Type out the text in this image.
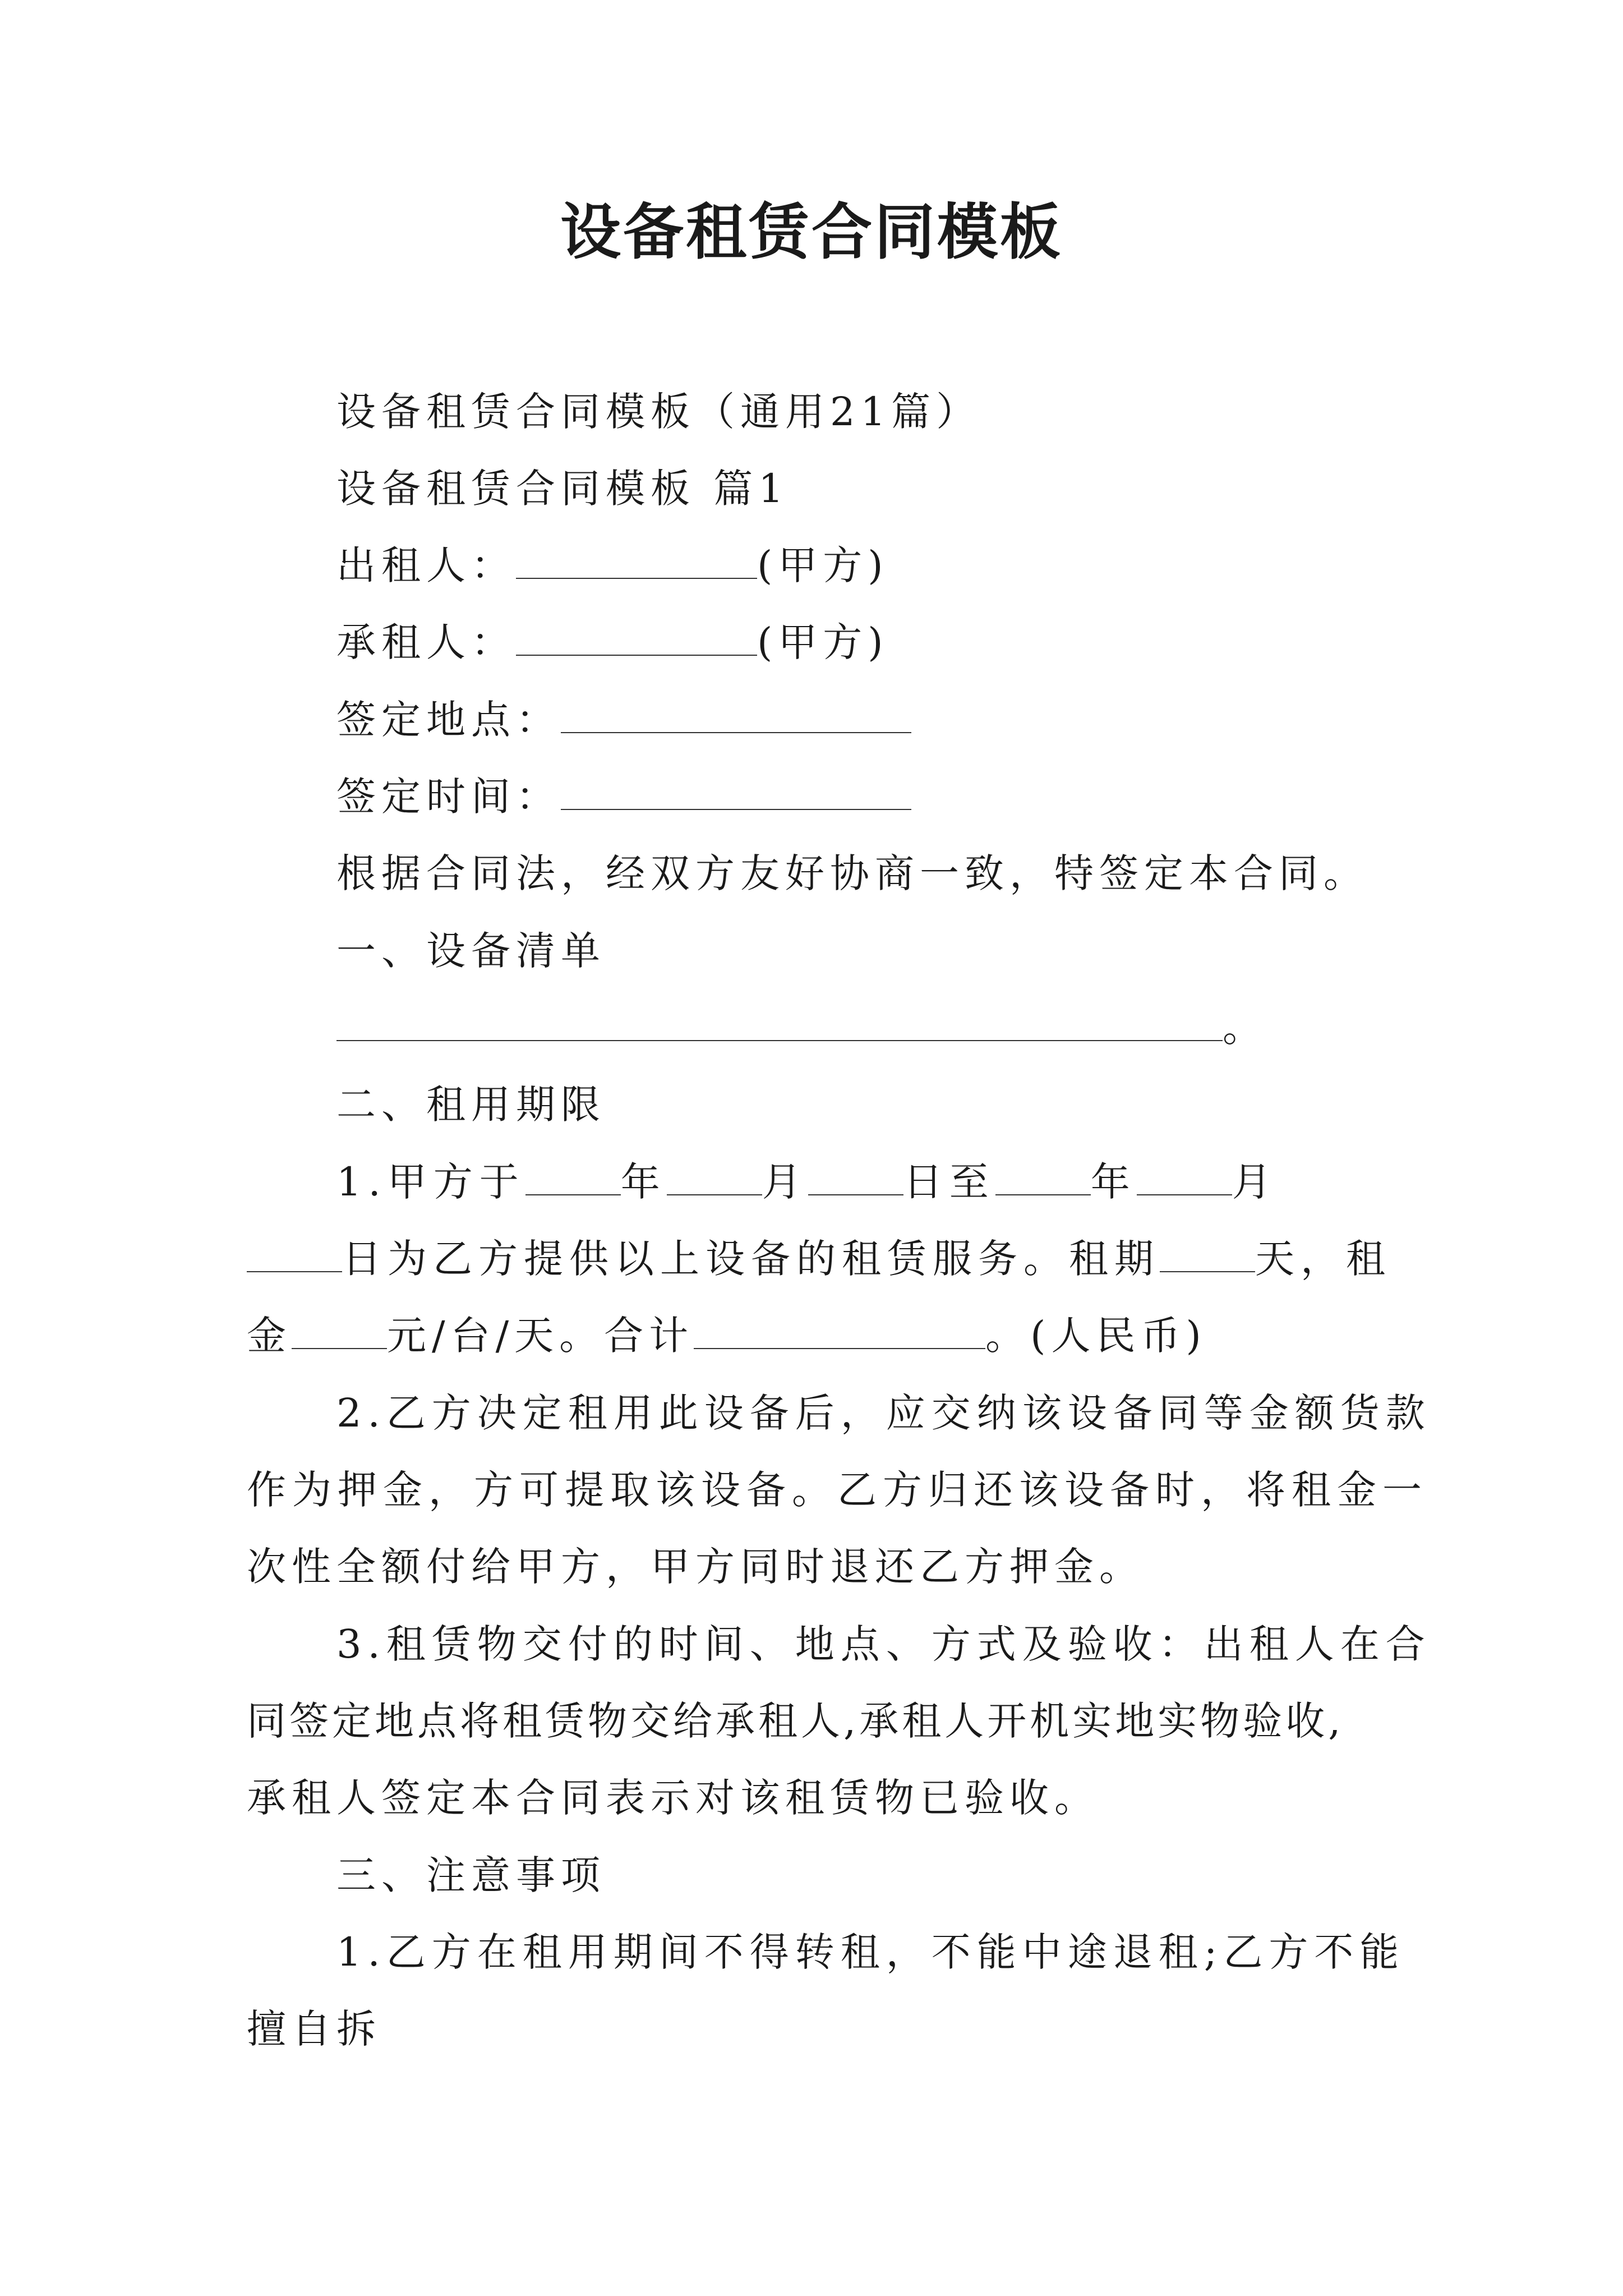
设备租赁合同模板
设备租赁合同模板（通用21篇）
设备租赁合同模板 篇1
出租人：	(甲方)
承租人：	(甲方)
签定地点：
签定时间：
根据合同法，经双方友好协商一致，特签定本合同。
一、设备清单
。
二、租用期限
1.甲方于 年 月 日至 年 月
日为乙方提供以上设备的租赁服务。租期 天，租
金 元/台/天。合计	。(人民币)
2.乙方决定租用此设备后，应交纳该设备同等金额货款
作为押金，方可提取该设备。乙方归还该设备时，将租金一
次性全额付给甲方，甲方同时退还乙方押金。
3.租赁物交付的时间、地点、方式及验收：出租人在合
同签定地点将租赁物交给承租人,承租人开机实地实物验收,
承租人签定本合同表示对该租赁物已验收。
三、注意事项
1.乙方在租用期间不得转租，不能中途退租;乙方不能
擅自拆
